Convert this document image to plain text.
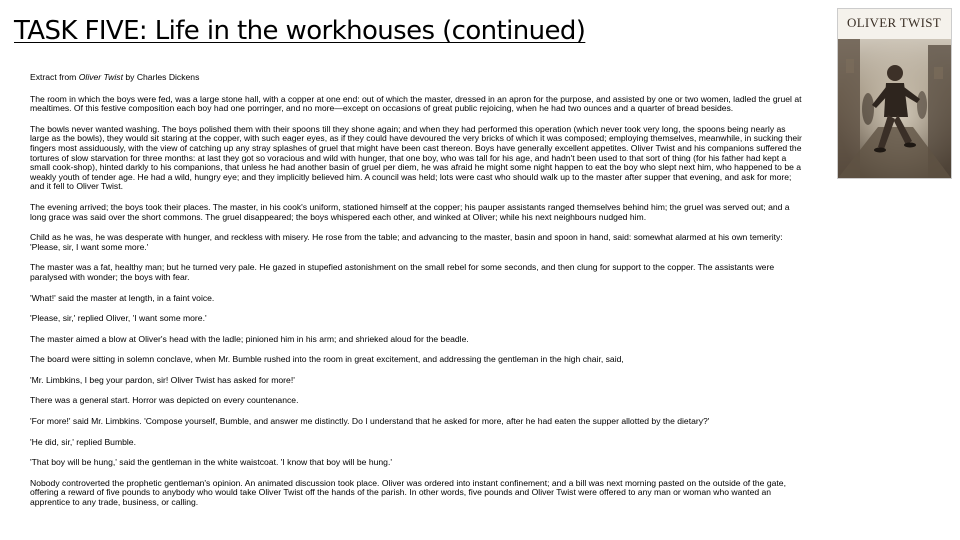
TASK FIVE: Life in the workhouses (continued)

Extract from Oliver Twist by Charles Dickens

The room in which the boys were fed, was a large stone hall, with a copper at one end: out of which the master, dressed in an apron for the purpose, and assisted by one or two women, ladled the gruel at mealtimes. Of this festive composition each boy had one porringer, and no more—except on occasions of great public rejoicing, when he had two ounces and a quarter of bread besides.

The bowls never wanted washing. The boys polished them with their spoons till they shone again; and when they had performed this operation (which never took very long, the spoons being nearly as large as the bowls), they would sit staring at the copper, with such eager eyes, as if they could have devoured the very bricks of which it was composed; employing themselves, meanwhile, in sucking their fingers most assiduously, with the view of catching up any stray splashes of gruel that might have been cast thereon. Boys have generally excellent appetites. Oliver Twist and his companions suffered the tortures of slow starvation for three months: at last they got so voracious and wild with hunger, that one boy, who was tall for his age, and hadn't been used to that sort of thing (for his father had kept a small cook-shop), hinted darkly to his companions, that unless he had another basin of gruel per diem, he was afraid he might some night happen to eat the boy who slept next him, who happened to be a weakly youth of tender age. He had a wild, hungry eye; and they implicitly believed him. A council was held; lots were cast who should walk up to the master after supper that evening, and ask for more; and it fell to Oliver Twist.

The evening arrived; the boys took their places. The master, in his cook's uniform, stationed himself at the copper; his pauper assistants ranged themselves behind him; the gruel was served out; and a long grace was said over the short commons. The gruel disappeared; the boys whispered each other, and winked at Oliver; while his next neighbours nudged him.

Child as he was, he was desperate with hunger, and reckless with misery. He rose from the table; and advancing to the master, basin and spoon in hand, said: somewhat alarmed at his own temerity: 'Please, sir, I want some more.'

The master was a fat, healthy man; but he turned very pale. He gazed in stupefied astonishment on the small rebel for some seconds, and then clung for support to the copper. The assistants were paralysed with wonder; the boys with fear.

'What!' said the master at length, in a faint voice.

'Please, sir,' replied Oliver, 'I want some more.'

The master aimed a blow at Oliver's head with the ladle; pinioned him in his arm; and shrieked aloud for the beadle.

The board were sitting in solemn conclave, when Mr. Bumble rushed into the room in great excitement, and addressing the gentleman in the high chair, said,

'Mr. Limbkins, I beg your pardon, sir! Oliver Twist has asked for more!'

There was a general start. Horror was depicted on every countenance.

'For more!' said Mr. Limbkins. 'Compose yourself, Bumble, and answer me distinctly. Do I understand that he asked for more, after he had eaten the supper allotted by the dietary?'

'He did, sir,' replied Bumble.

'That boy will be hung,' said the gentleman in the white waistcoat. 'I know that boy will be hung.'

Nobody controverted the prophetic gentleman's opinion. An animated discussion took place. Oliver was ordered into instant confinement; and a bill was next morning pasted on the outside of the gate, offering a reward of five pounds to anybody who would take Oliver Twist off the hands of the parish. In other words, five pounds and Oliver Twist were offered to any man or woman who wanted an apprentice to any trade, business, or calling.

OLIVER TWIST
